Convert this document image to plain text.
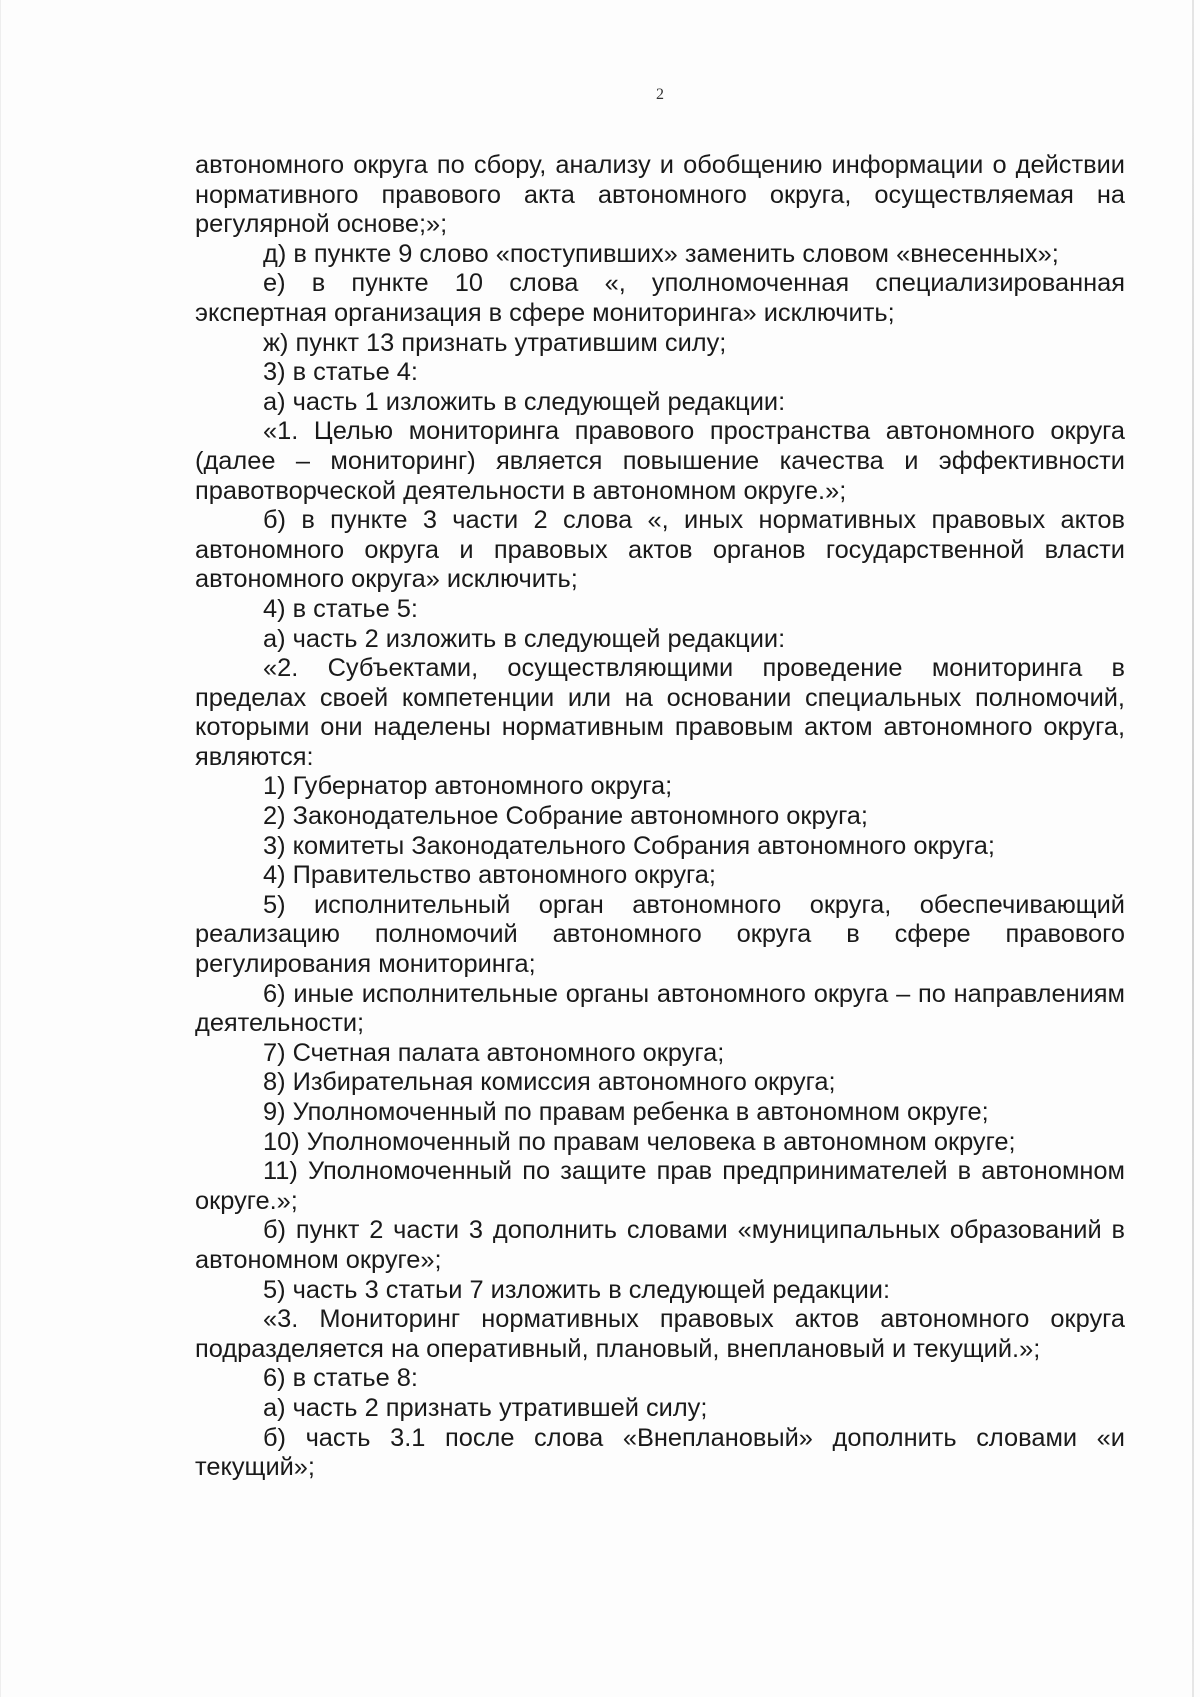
2

автономного округа по сбору, анализу и обобщению информации о действии нормативного правового акта автономного округа, осуществляемая на регулярной основе;»;

д) в пункте 9 слово «поступивших» заменить словом «внесенных»;

е) в пункте 10 слова «, уполномоченная специализированная экспертная организация в сфере мониторинга» исключить;

ж) пункт 13 признать утратившим силу;

3) в статье 4:

а) часть 1 изложить в следующей редакции:

«1. Целью мониторинга правового пространства автономного округа (далее – мониторинг) является повышение качества и эффективности правотворческой деятельности в автономном округе.»;

б) в пункте 3 части 2 слова «, иных нормативных правовых актов автономного округа и правовых актов органов государственной власти автономного округа» исключить;

4) в статье 5:

а) часть 2 изложить в следующей редакции:

«2. Субъектами, осуществляющими проведение мониторинга в пределах своей компетенции или на основании специальных полномочий, которыми они наделены нормативным правовым актом автономного округа, являются:

1) Губернатор автономного округа;

2) Законодательное Собрание автономного округа;

3) комитеты Законодательного Собрания автономного округа;

4) Правительство автономного округа;

5) исполнительный орган автономного округа, обеспечивающий реализацию полномочий автономного округа в сфере правового регулирования мониторинга;

6) иные исполнительные органы автономного округа – по направлениям деятельности;

7) Счетная палата автономного округа;

8) Избирательная комиссия автономного округа;

9) Уполномоченный по правам ребенка в автономном округе;

10) Уполномоченный по правам человека в автономном округе;

11) Уполномоченный по защите прав предпринимателей в автономном округе.»;

б) пункт 2 части 3 дополнить словами «муниципальных образований в автономном округе»;

5) часть 3 статьи 7 изложить в следующей редакции:

«3. Мониторинг нормативных правовых актов автономного округа подразделяется на оперативный, плановый, внеплановый и текущий.»;

6) в статье 8:

а) часть 2 признать утратившей силу;

б) часть 3.1 после слова «Внеплановый» дополнить словами «и текущий»;
